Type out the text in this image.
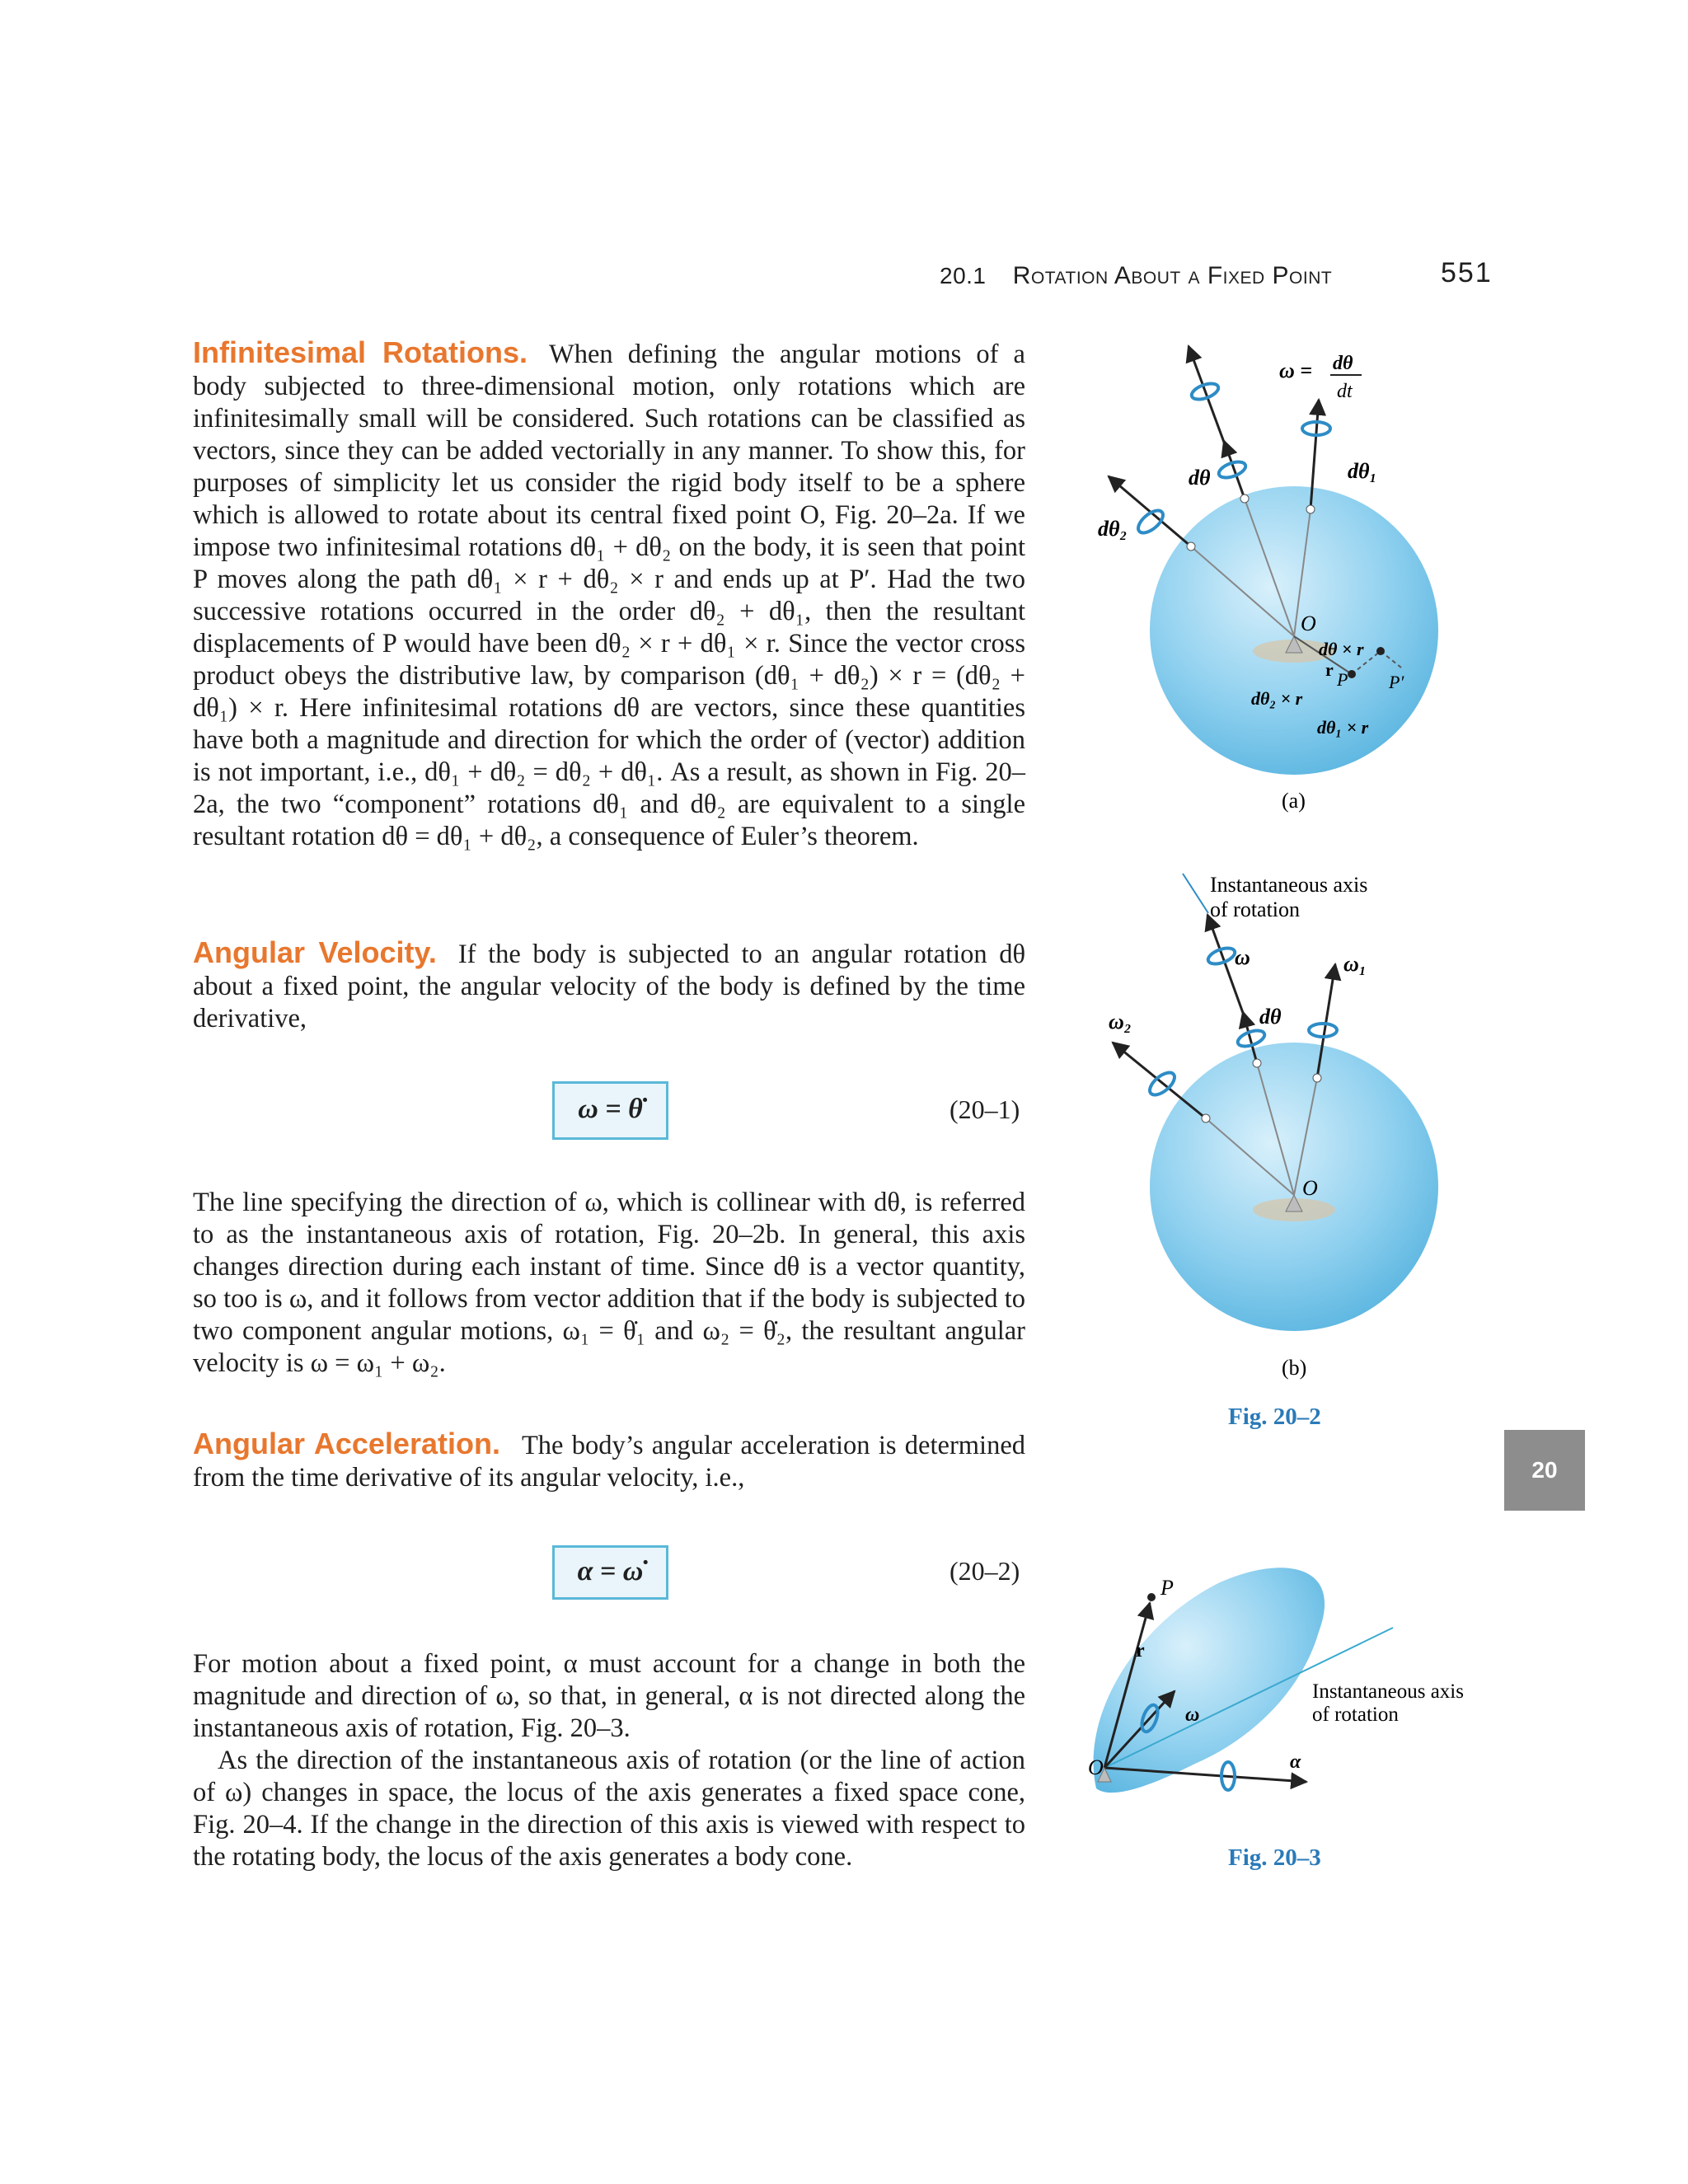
20.1 Rotation About a Fixed Point	551

Infinitesimal Rotations. When defining the angular motions of a body subjected to three-dimensional motion, only rotations which are infinitesimally small will be considered. Such rotations can be classified as vectors, since they can be added vectorially in any manner. To show this, for purposes of simplicity let us consider the rigid body itself to be a sphere which is allowed to rotate about its central fixed point O, Fig. 20–2a. If we impose two infinitesimal rotations dθ₁ + dθ₂ on the body, it is seen that point P moves along the path dθ₁ × r + dθ₂ × r and ends up at P′. Had the two successive rotations occurred in the order dθ₂ + dθ₁, then the resultant displacements of P would have been dθ₂ × r + dθ₁ × r. Since the vector cross product obeys the distributive law, by comparison (dθ₁ + dθ₂) × r = (dθ₂ + dθ₁) × r. Here infinitesimal rotations dθ are vectors, since these quantities have both a magnitude and direction for which the order of (vector) addition is not important, i.e., dθ₁ + dθ₂ = dθ₂ + dθ₁. As a result, as shown in Fig. 20–2a, the two “component” rotations dθ₁ and dθ₂ are equivalent to a single resultant rotation dθ = dθ₁ + dθ₂, a consequence of Euler’s theorem.

Angular Velocity. If the body is subjected to an angular rotation dθ about a fixed point, the angular velocity of the body is defined by the time derivative,

ω = θ̇	(20–1)

The line specifying the direction of ω, which is collinear with dθ, is referred to as the instantaneous axis of rotation, Fig. 20–2b. In general, this axis changes direction during each instant of time. Since dθ is a vector quantity, so too is ω, and it follows from vector addition that if the body is subjected to two component angular motions, ω₁ = θ̇₁ and ω₂ = θ̇₂, the resultant angular velocity is ω = ω₁ + ω₂.

Angular Acceleration. The body’s angular acceleration is determined from the time derivative of its angular velocity, i.e.,

α = ω̇	(20–2)

For motion about a fixed point, α must account for a change in both the magnitude and direction of ω, so that, in general, α is not directed along the instantaneous axis of rotation, Fig. 20–3.

As the direction of the instantaneous axis of rotation (or the line of action of ω) changes in space, the locus of the axis generates a fixed space cone, Fig. 20–4. If the change in the direction of this axis is viewed with respect to the rotating body, the locus of the axis generates a body cone.

20
ω = dθ
dt
dθ	dθ₁
dθ₂
O
r P P′
dθ × r
dθ₂ × r
dθ₁ × r
(a)
Instantaneous axis
of rotation
ω	ω₁
ω₂	dθ
O
(b)
Fig. 20–2
P
r
ω
O	α
Instantaneous axis
of rotation
Fig. 20–3
